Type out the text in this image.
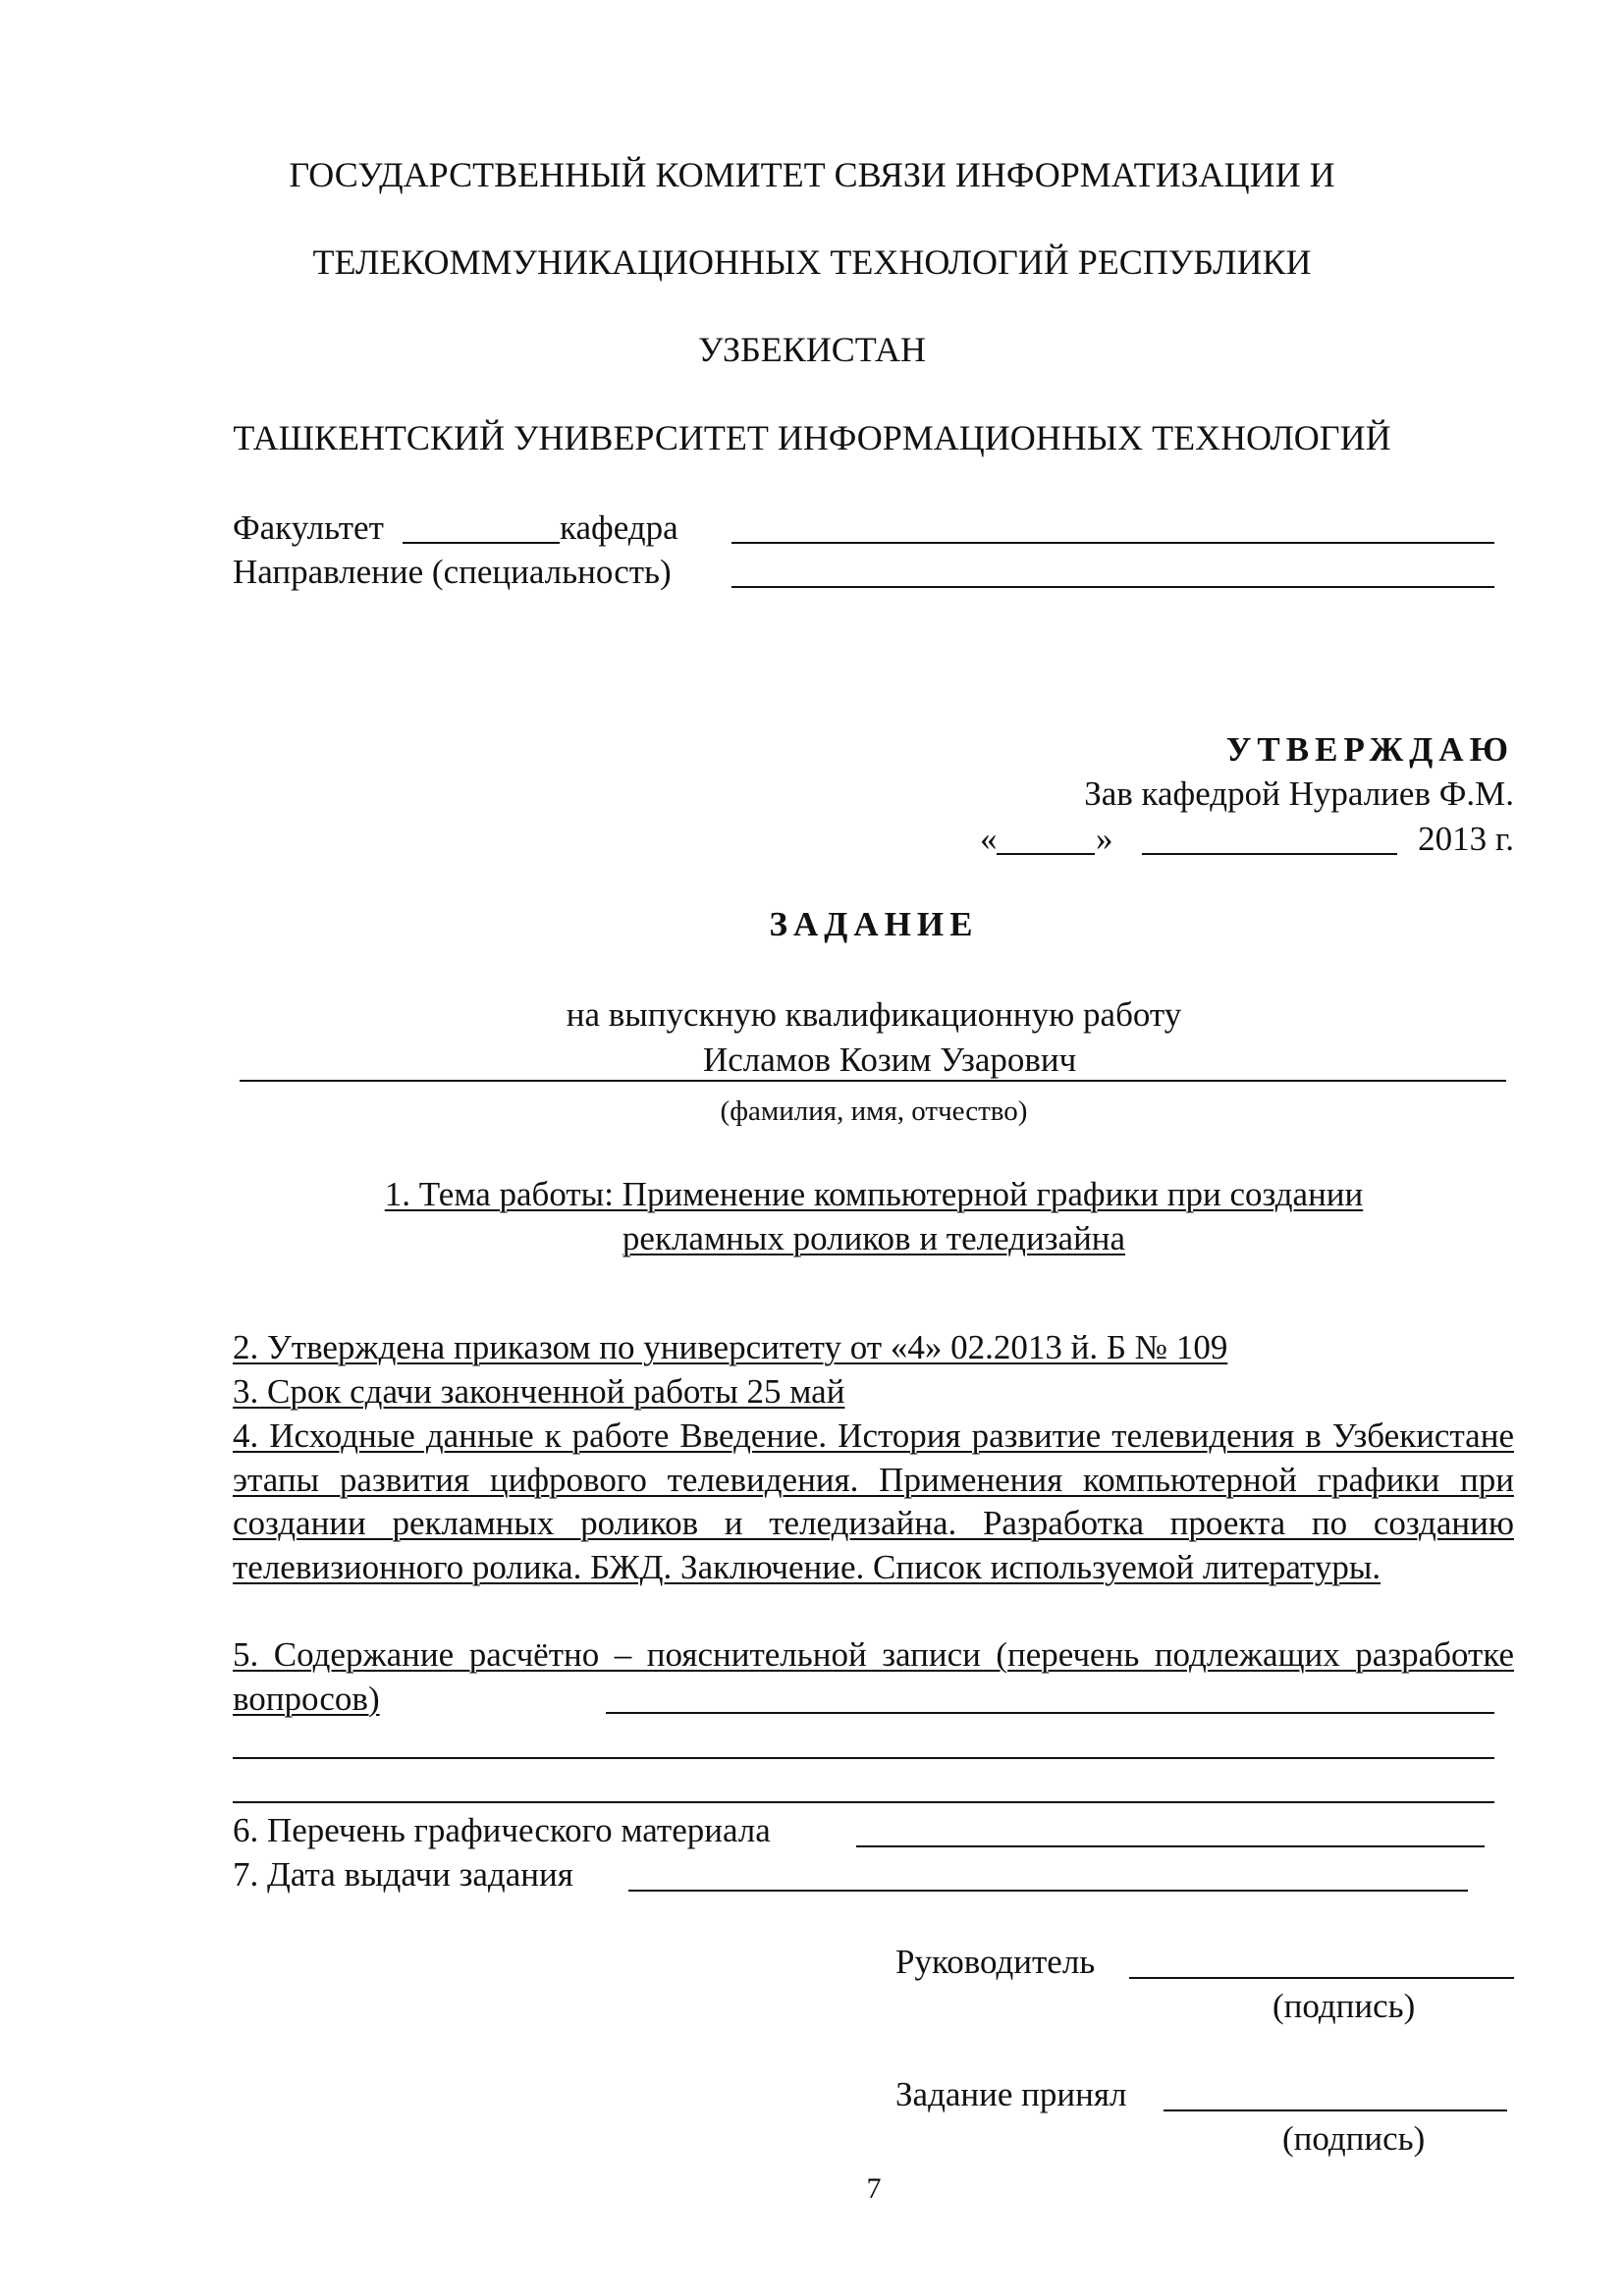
ГОСУДАРСТВЕННЫЙ КОМИТЕТ СВЯЗИ ИНФОРМАТИЗАЦИИ И
ТЕЛЕКОММУНИКАЦИОННЫХ ТЕХНОЛОГИЙ РЕСПУБЛИКИ
УЗБЕКИСТАН
ТАШКЕНТСКИЙ УНИВЕРСИТЕТ ИНФОРМАЦИОННЫХ ТЕХНОЛОГИЙ
Факультет	кафедра
Направление (специальность)
УТВЕРЖДАЮ
Зав кафедрой Нуралиев Ф.М.
«	»	2013 г.
ЗАДАНИЕ
на выпускную квалификационную работу
Исламов Козим Узарович
(фамилия, имя, отчество)
1. Тема работы: Применение компьютерной графики при создании
рекламных роликов и теледизайна
2. Утверждена приказом по университету от «4» 02.2013 й. Б № 109
3. Срок сдачи законченной работы 25 май
4. Исходные данные к работе Введение. История развитие телевидения в Узбекистане этапы развития цифрового телевидения. Применения компьютерной графики при создании рекламных роликов и теледизайна. Разработка проекта по созданию телевизионного ролика. БЖД. Заключение. Список используемой литературы.
5. Содержание расчётно – пояснительной записи (перечень подлежащих разработке вопросов)
6. Перечень графического материала
7. Дата выдачи задания
Руководитель
(подпись)
Задание принял
(подпись)
7
